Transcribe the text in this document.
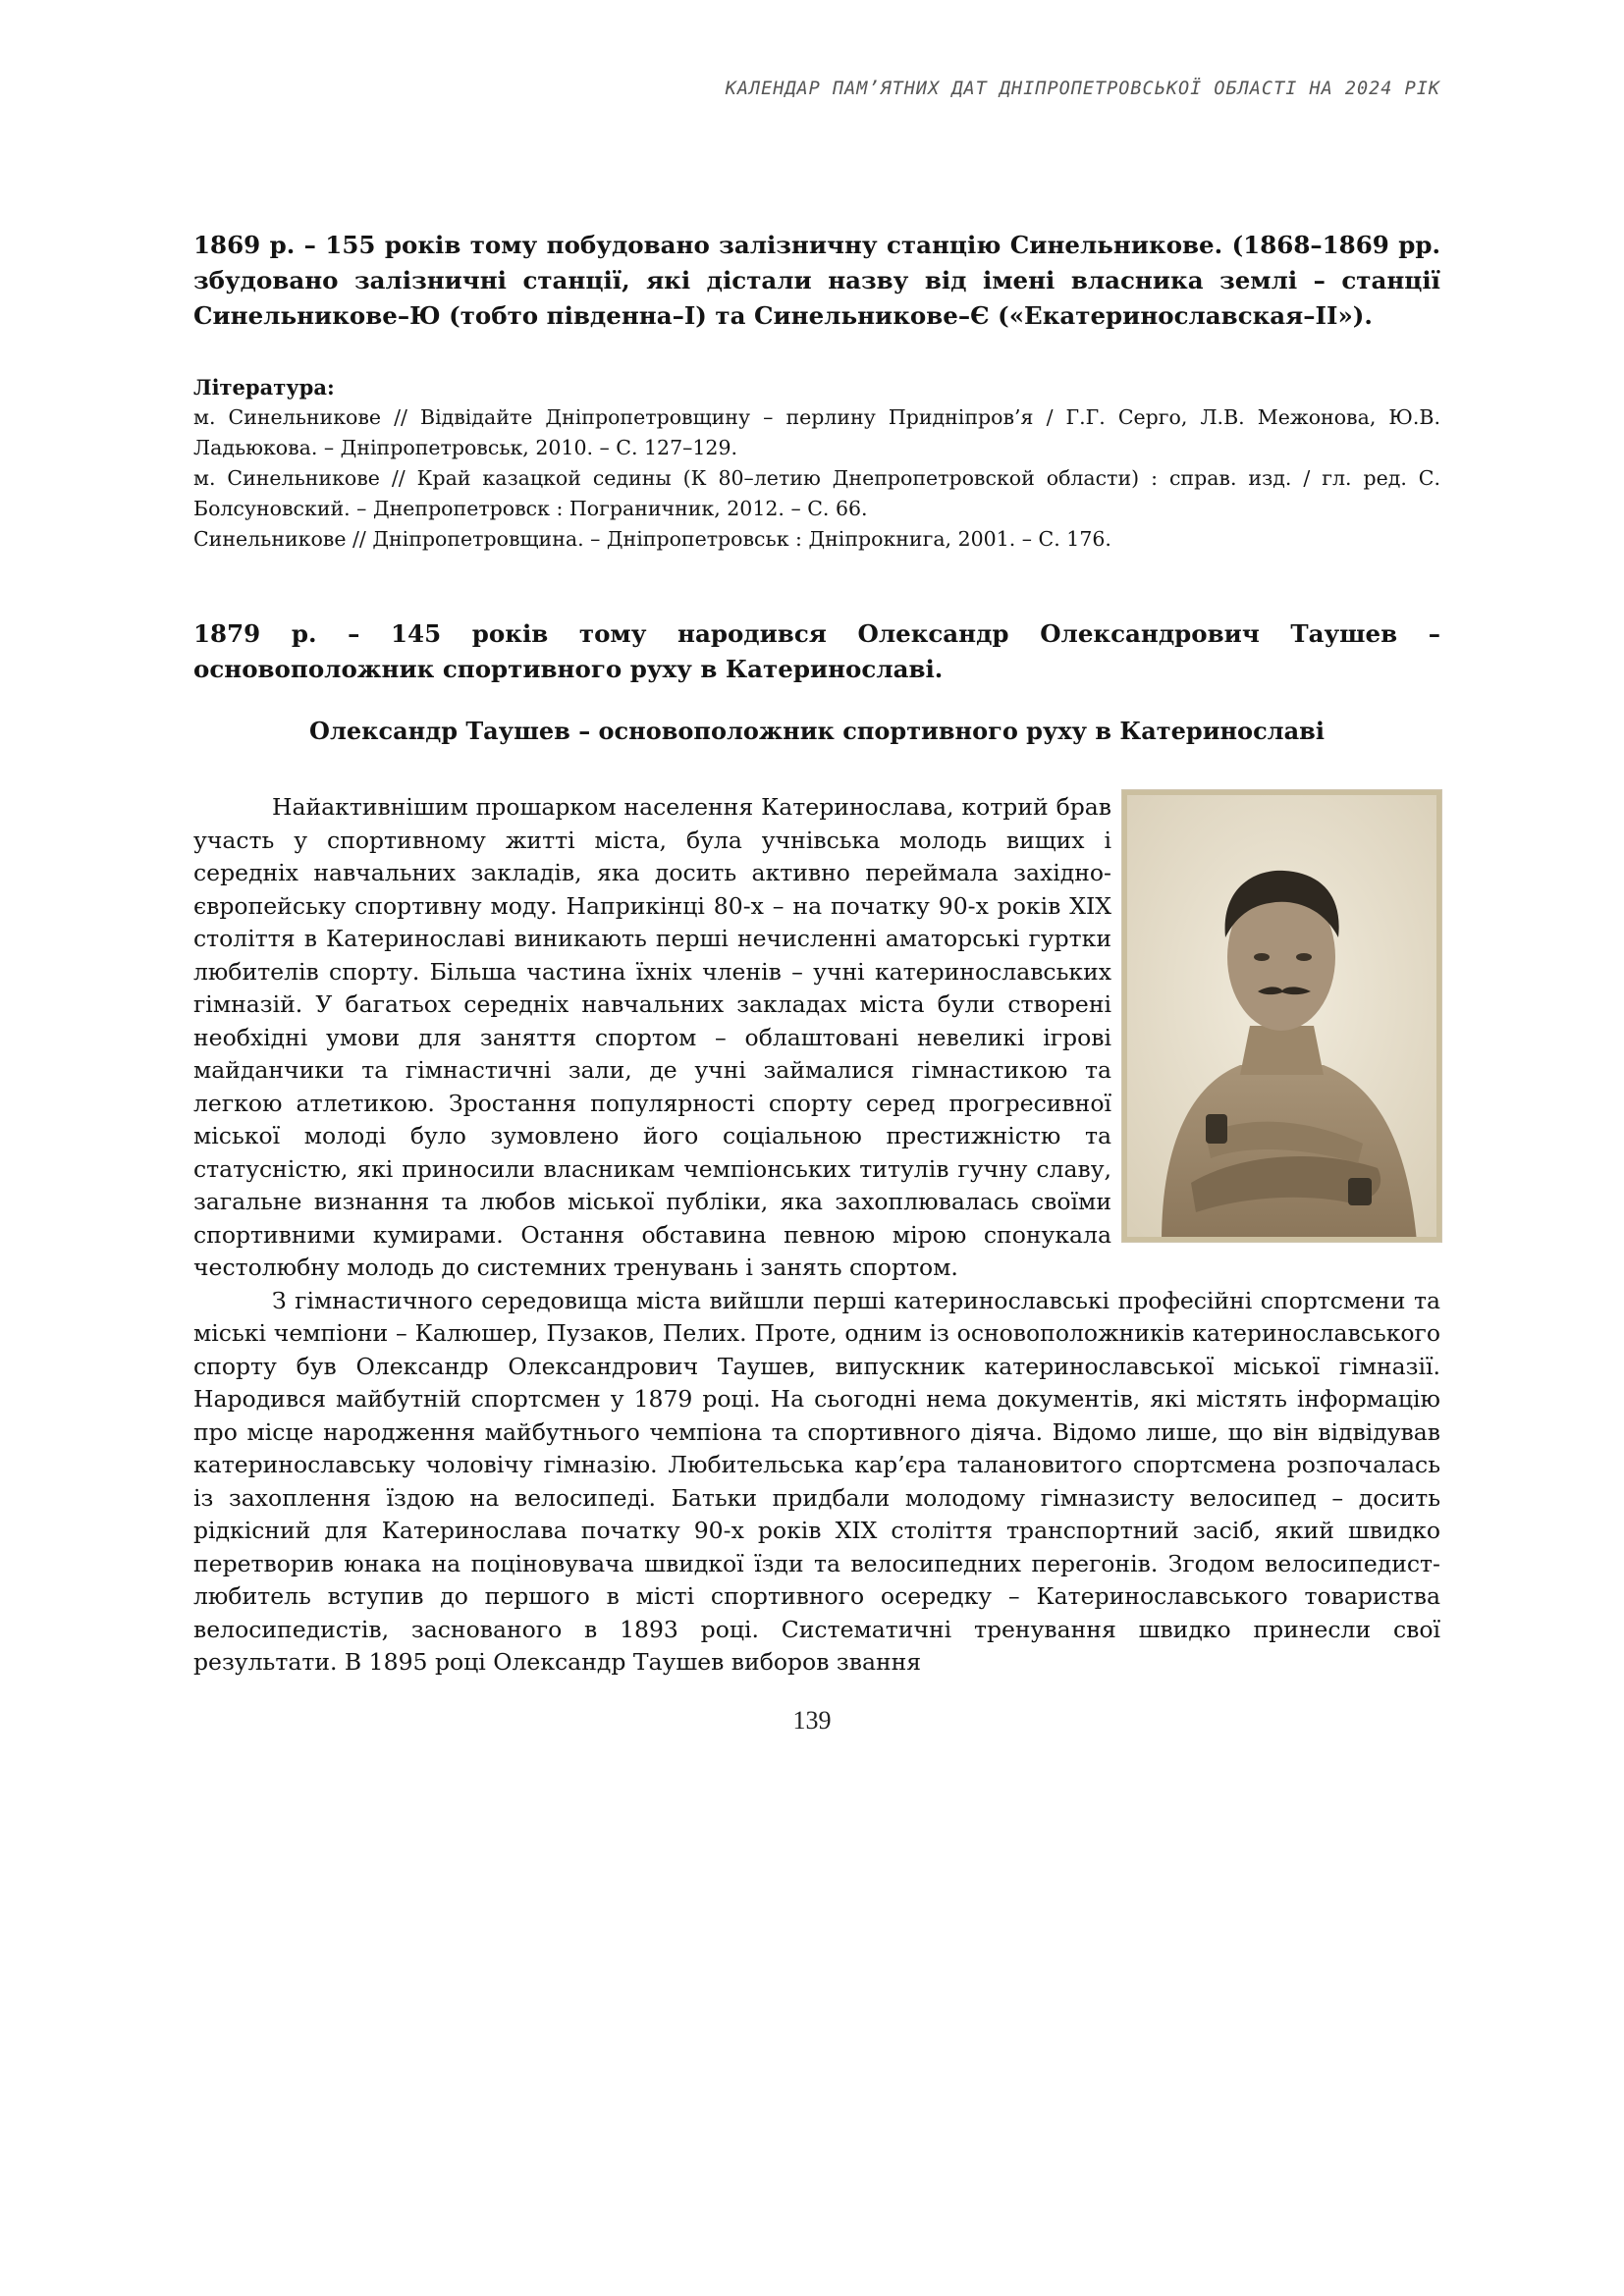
КАЛЕНДАР ПАМ’ЯТНИХ ДАТ ДНІПРОПЕТРОВСЬКОЇ ОБЛАСТІ НА 2024 РІК

1869 р. – 155 років тому побудовано залізничну станцію Синельникове. (1868–1869 рр. збудовано залізничні станції, які дістали назву від імені власника землі – станції Синельникове–Ю (тобто південна–І) та Синельникове–Є («Екатеринославская–II»).

Література:

м. Синельникове // Відвідайте Дніпропетровщину – перлину Придніпров’я / Г.Г. Серго, Л.В. Межонова, Ю.В. Ладьюкова. – Дніпропетровськ, 2010. – С. 127–129.

м. Синельникове // Край казацкой седины (К 80–летию Днепропетровской области) : справ. изд. / гл. ред. С. Болсуновский. – Днепропетровск : Пограничник, 2012. – С. 66.

Синельникове // Дніпропетровщина. – Дніпропетровськ : Дніпрокнига, 2001. – С. 176.

1879 р. – 145 років тому народився Олександр Олександрович Таушев – основоположник спортивного руху в Катеринославі.

Олександр Таушев – основоположник спортивного руху в Катеринославі

Найактивнішим прошарком населення Катеринослава, котрий брав участь у спортивному житті міста, була учнівська молодь вищих і середніх навчальних закладів, яка досить активно переймала західноєвропейську спортивну моду. Наприкінці 80-х – на початку 90-х років XIX століття в Катеринославі виникають перші нечисленні аматорські гуртки любителів спорту. Більша частина їхніх членів – учні катеринославських гімназій. У багатьох середніх навчальних закладах міста були створені необхідні умови для заняття спортом – облаштовані невеликі ігрові майданчики та гімнастичні зали, де учні займалися гімнастикою та легкою атлетикою. Зростання популярності спорту серед прогресивної міської молоді було зумовлено його соціальною престижністю та статусністю, які приносили власникам чемпіонських титулів гучну славу, загальне визнання та любов міської публіки, яка захоплювалась своїми спортивними кумирами. Остання обставина певною мірою спонукала честолюбну молодь до системних тренувань і занять спортом.

З гімнастичного середовища міста вийшли перші катеринославські професійні спортсмени та міські чемпіони – Калюшер, Пузаков, Пелих. Проте, одним із основоположників катеринославського спорту був Олександр Олександрович Таушев, випускник катеринославської міської гімназії. Народився майбутній спортсмен у 1879 році. На сьогодні нема документів, які містять інформацію про місце народження майбутнього чемпіона та спортивного діяча. Відомо лише, що він відвідував катеринославську чоловічу гімназію. Любительська кар’єра талановитого спортсмена розпочалась із захоплення їздою на велосипеді. Батьки придбали молодому гімназисту велосипед – досить рідкісний для Катеринослава початку 90-х років XIX століття транспортний засіб, який швидко перетворив юнака на поціновувача швидкої їзди та велосипедних перегонів. Згодом велосипедист-любитель вступив до першого в місті спортивного осередку – Катеринославського товариства велосипедистів, заснованого в 1893 році. Систематичні тренування швидко принесли свої результати. В 1895 році Олександр Таушев виборов звання

139
